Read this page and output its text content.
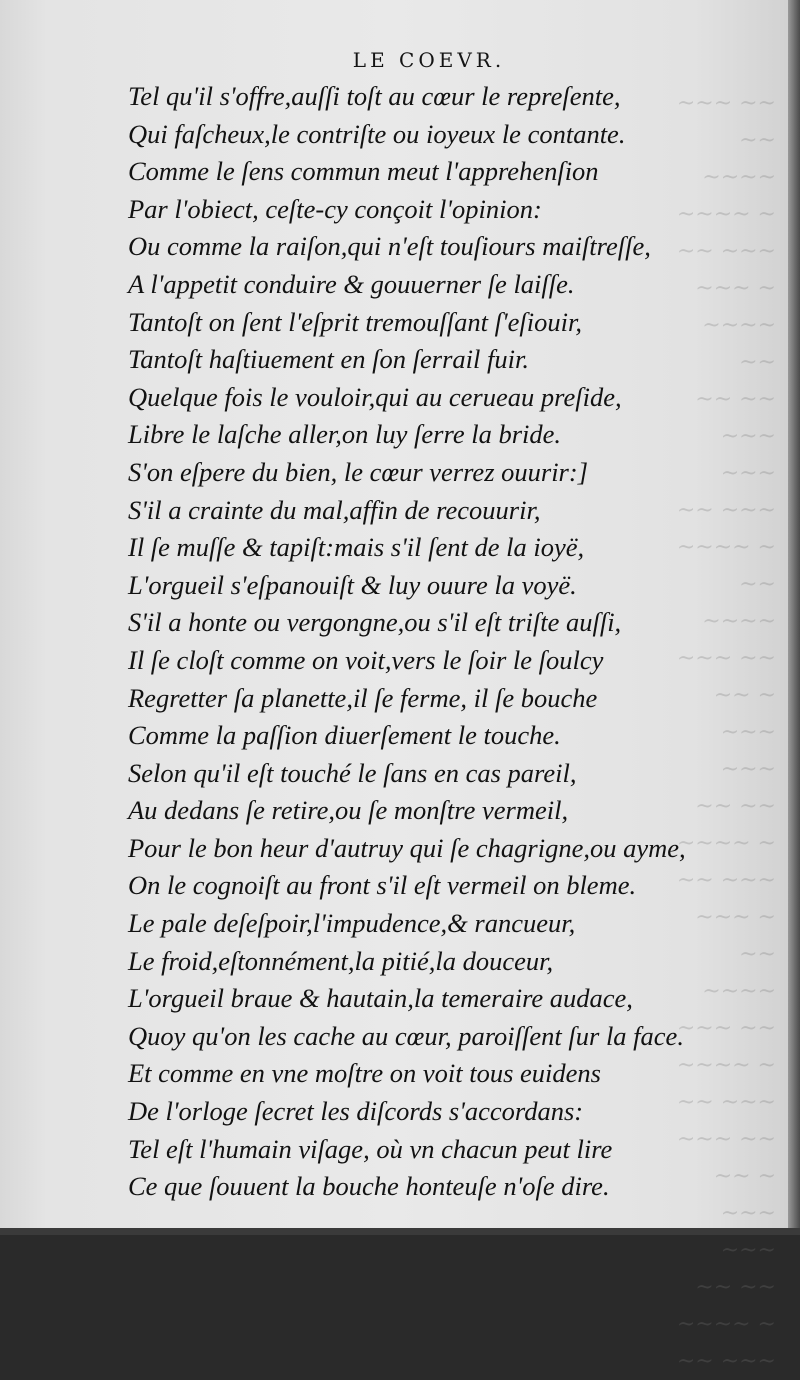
~~~ ~~
~~ ~~~~
~~~~ ~
~~ ~~~
~~~ ~
~~~~ ~~
~~ ~~
~~~ ~~~
~~ ~~~
~~~~ ~
~~ ~~~~
~~~ ~~
~~ ~
~~~ ~~~
~~ ~~
~~~~ ~
~~ ~~~
~~~ ~
~~ ~~~~
~~~ ~~
~~~~ ~
~~ ~~~
~~~ ~~
~~ ~
~~~ ~~~
~~ ~~
~~~~ ~
~~ ~~~
LE COEVR.
Tel qu'il s'offre,auſſi toſt au cœur le repreſente,
Qui faſcheux,le contriſte ou ioyeux le contante.
Comme le ſens commun meut l'apprehenſion
Par l'obiect, ceſte-cy conçoit l'opinion:
Ou comme la raiſon,qui n'eſt touſiours maiſtreſſe,
A l'appetit conduire & gouuerner ſe laiſſe.
Tantoſt on ſent l'eſprit tremouſſant ſ'eſiouir,
Tantoſt haſtiuement en ſon ſerrail fuir.
Quelque fois le vouloir,qui au cerueau preſide,
Libre le laſche aller,on luy ſerre la bride.
S'on eſpere du bien, le cœur verrez ouurir:]
S'il a crainte du mal,affin de recouurir,
Il ſe muſſe & tapiſt:mais s'il ſent de la ioyë,
L'orgueil s'eſpanouiſt & luy ouure la voyë.
S'il a honte ou vergongne,ou s'il eſt triſte auſſi,
Il ſe cloſt comme on voit,vers le ſoir le ſoulcy
Regretter ſa planette,il ſe ferme, il ſe bouche
Comme la paſſion diuerſement le touche.
Selon qu'il eſt touché le ſans en cas pareil,
Au dedans ſe retire,ou ſe monſtre vermeil,
Pour le bon heur d'autruy qui ſe chagrigne,ou ayme,
On le cognoiſt au front s'il eſt vermeil on bleme.
Le pale deſeſpoir,l'impudence,& rancueur,
Le froid,eſtonnément,la pitié,la douceur,
L'orgueil braue & hautain,la temeraire audace,
Quoy qu'on les cache au cœur, paroiſſent ſur la face.
Et comme en vne moſtre on voit tous euidens
De l'orloge ſecret les diſcords s'accordans:
Tel eſt l'humain viſage, où vn chacun peut lire
Ce que ſouuent la bouche honteuſe n'oſe dire.
